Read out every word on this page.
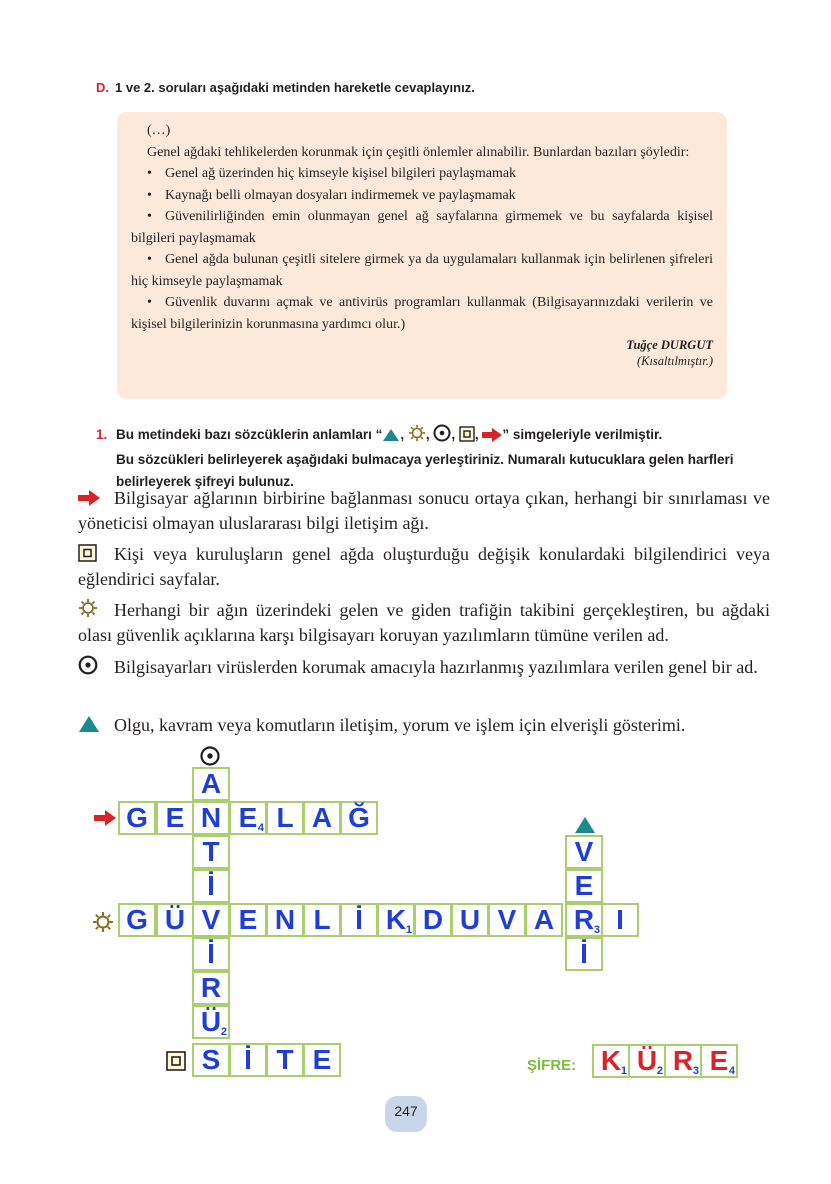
D. 1 ve 2. soruları aşağıdaki metinden hareketle cevaplayınız.

(…)

Genel ağdaki tehlikelerden korunmak için çeşitli önlemler alınabilir. Bunlardan bazıları şöyledir:

• Genel ağ üzerinden hiç kimseyle kişisel bilgileri paylaşmamak

• Kaynağı belli olmayan dosyaları indirmemek ve paylaşmamak

• Güvenilirliğinden emin olunmayan genel ağ sayfalarına girmemek ve bu sayfalarda kişisel bilgileri paylaşmamak

• Genel ağda bulunan çeşitli sitelere girmek ya da uygulamaları kullanmak için belirlenen şifreleri hiç kimseyle paylaşmamak

• Güvenlik duvarını açmak ve antivirüs programları kullanmak (Bilgisayarınızdaki verilerin ve kişisel bilgilerinizin korunmasına yardımcı olur.)

Tuğçe DURGUT
(Kısaltılmıştır.)
1. Bu metindeki bazı sözcüklerin anlamları “ , , , , ” simgeleriyle verilmiştir.
Bu sözcükleri belirleyerek aşağıdaki bulmacaya yerleştiriniz. Numaralı kutucuklara gelen harfleri belirleyerek şifreyi bulunuz.
Bilgisayar ağlarının birbirine bağlanması sonucu ortaya çıkan, herhangi bir sınırlaması ve yöneticisi olmayan uluslararası bilgi iletişim ağı.
Kişi veya kuruluşların genel ağda oluşturduğu değişik konulardaki bilgilendirici veya eğlendirici sayfalar.
Herhangi bir ağın üzerindeki gelen ve giden trafiğin takibini gerçekleştiren, bu ağdaki olası güvenlik açıklarına karşı bilgisayarı koruyan yazılımların tümüne verilen ad.
Bilgisayarları virüslerden korumak amacıyla hazırlanmış yazılımlara verilen genel bir ad.
Olgu, kavram veya komutların iletişim, yorum ve işlem için elverişli gösterimi.
G E N E 4 L A Ğ
A
T
İ
İ
R
Ü 2
G Ü V E N L İ K 1 D U V A R 3 I
V
E
İ
S İ T E	ŞİFRE: K 1 Ü 2 R 3 E 4
247
